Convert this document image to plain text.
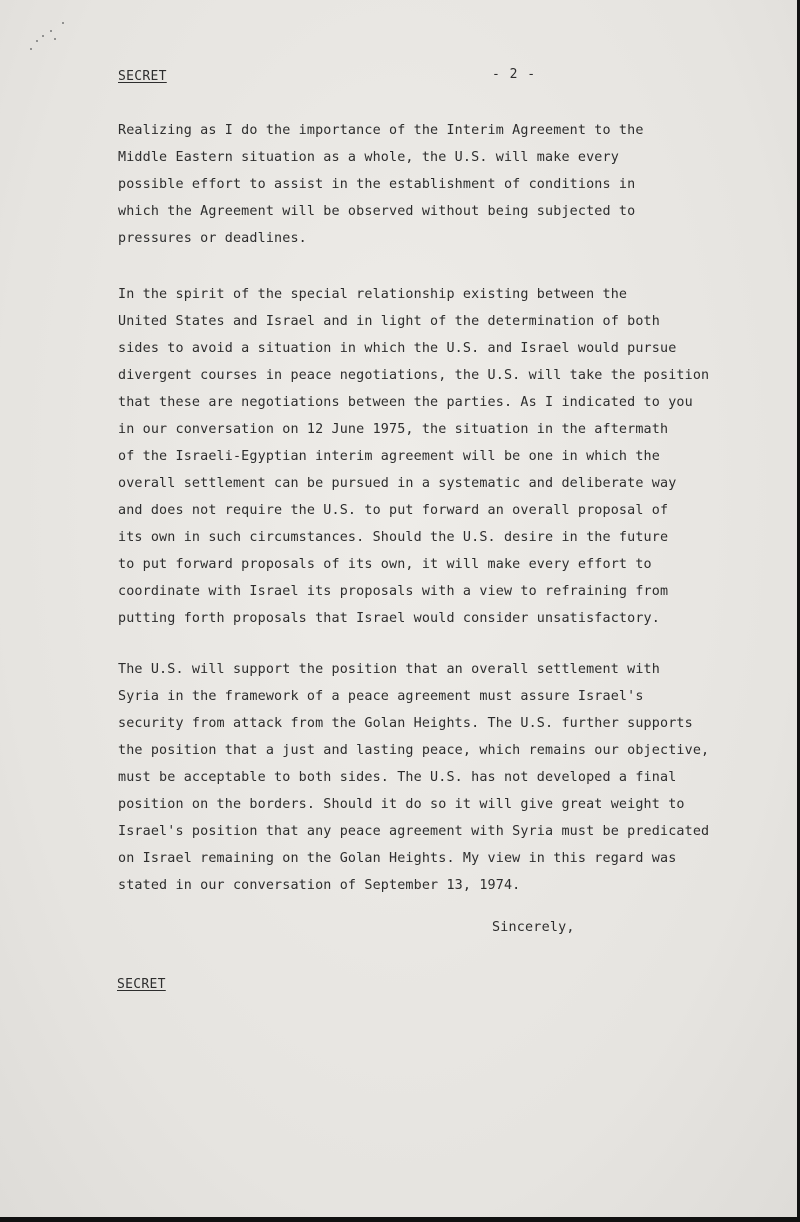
SECRET	- 2 -

Realizing as I do the importance of the Interim Agreement to the
Middle Eastern situation as a whole, the U.S. will make every
possible effort to assist in the establishment of conditions in
which the Agreement will be observed without being subjected to
pressures or deadlines.

In the spirit of the special relationship existing between the
United States and Israel and in light of the determination of both
sides to avoid a situation in which the U.S. and Israel would pursue
divergent courses in peace negotiations, the U.S. will take the position
that these are negotiations between the parties. As I indicated to you
in our conversation on 12 June 1975, the situation in the aftermath
of the Israeli-Egyptian interim agreement will be one in which the
overall settlement can be pursued in a systematic and deliberate way
and does not require the U.S. to put forward an overall proposal of
its own in such circumstances. Should the U.S. desire in the future
to put forward proposals of its own, it will make every effort to
coordinate with Israel its proposals with a view to refraining from
putting forth proposals that Israel would consider unsatisfactory.

The U.S. will support the position that an overall settlement with
Syria in the framework of a peace agreement must assure Israel's
security from attack from the Golan Heights. The U.S. further supports
the position that a just and lasting peace, which remains our objective,
must be acceptable to both sides. The U.S. has not developed a final
position on the borders. Should it do so it will give great weight to
Israel's position that any peace agreement with Syria must be predicated
on Israel remaining on the Golan Heights. My view in this regard was
stated in our conversation of September 13, 1974.

Sincerely,
SECRET
